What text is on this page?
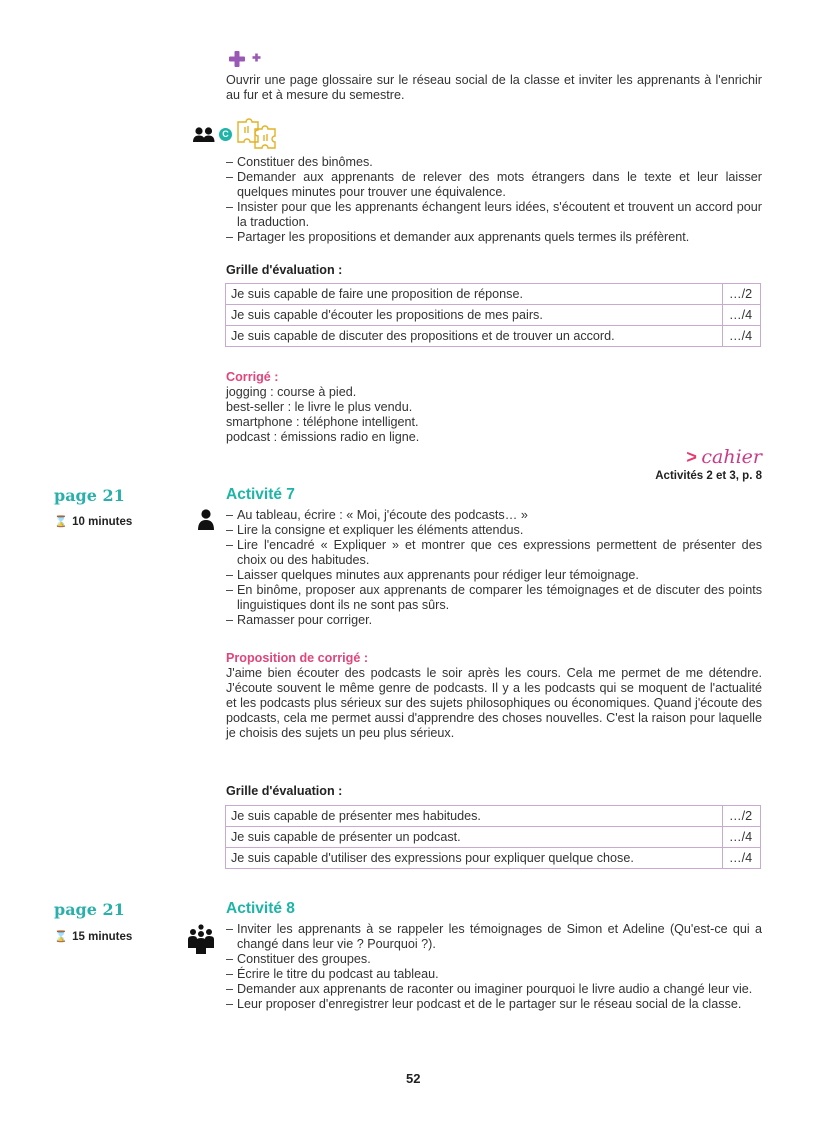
Ouvrir une page glossaire sur le réseau social de la classe et inviter les apprenants à l'enrichir au fur et à mesure du semestre.
C
– Constituer des binômes.
– Demander aux apprenants de relever des mots étrangers dans le texte et leur laisser quelques minutes pour trouver une équivalence.
– Insister pour que les apprenants échangent leurs idées, s'écoutent et trouvent un accord pour la traduction.
– Partager les propositions et demander aux apprenants quels termes ils préfèrent.
Grille d'évaluation :
Je suis capable de faire une proposition de réponse.	…/2
Je suis capable d'écouter les propositions de mes pairs.	…/4
Je suis capable de discuter des propositions et de trouver un accord.	…/4
Corrigé :
jogging : course à pied.
best-seller : le livre le plus vendu.
smartphone : téléphone intelligent.
podcast : émissions radio en ligne.
> cahier
Activités 2 et 3, p. 8
page 21
⌛ 10 minutes
Activité 7
– Au tableau, écrire : « Moi, j'écoute des podcasts… »
– Lire la consigne et expliquer les éléments attendus.
– Lire l'encadré « Expliquer » et montrer que ces expressions permettent de présenter des choix ou des habitudes.
– Laisser quelques minutes aux apprenants pour rédiger leur témoignage.
– En binôme, proposer aux apprenants de comparer les témoignages et de discuter des points linguistiques dont ils ne sont pas sûrs.
– Ramasser pour corriger.
Proposition de corrigé :
J'aime bien écouter des podcasts le soir après les cours. Cela me permet de me détendre. J'écoute souvent le même genre de podcasts. Il y a les podcasts qui se moquent de l'actualité et les podcasts plus sérieux sur des sujets philosophiques ou économiques. Quand j'écoute des podcasts, cela me permet aussi d'apprendre des choses nouvelles. C'est la raison pour laquelle je choisis des sujets un peu plus sérieux.
Grille d'évaluation :
Je suis capable de présenter mes habitudes.	…/2
Je suis capable de présenter un podcast.	…/4
Je suis capable d'utiliser des expressions pour expliquer quelque chose.	…/4
page 21
⌛ 15 minutes
Activité 8
– Inviter les apprenants à se rappeler les témoignages de Simon et Adeline (Qu'est-ce qui a changé dans leur vie ? Pourquoi ?).
– Constituer des groupes.
– Écrire le titre du podcast au tableau.
– Demander aux apprenants de raconter ou imaginer pourquoi le livre audio a changé leur vie.
– Leur proposer d'enregistrer leur podcast et de le partager sur le réseau social de la classe.
52
